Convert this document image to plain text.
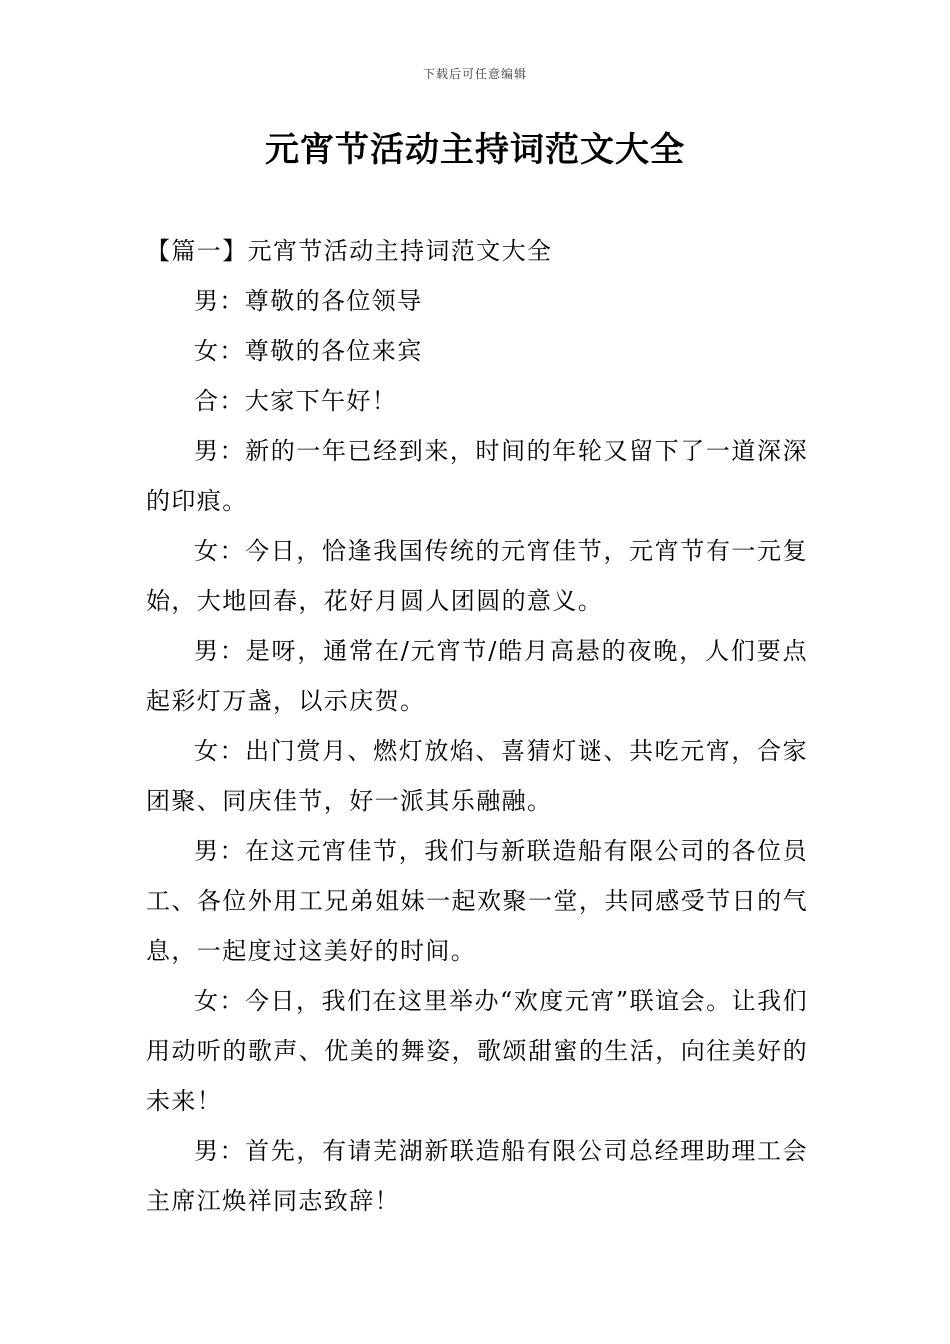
下载后可任意编辑
元宵节活动主持词范文大全

【篇一】元宵节活动主持词范文大全

男：尊敬的各位领导

女：尊敬的各位来宾

合：大家下午好！

男：新的一年已经到来，时间的年轮又留下了一道深深的印痕。

女：今日，恰逢我国传统的元宵佳节，元宵节有一元复始，大地回春，花好月圆人团圆的意义。

男：是呀，通常在/元宵节/皓月高悬的夜晚，人们要点起彩灯万盏，以示庆贺。

女：出门赏月、燃灯放焰、喜猜灯谜、共吃元宵，合家团聚、同庆佳节，好一派其乐融融。

男：在这元宵佳节，我们与新联造船有限公司的各位员工、各位外用工兄弟姐妹一起欢聚一堂，共同感受节日的气息，一起度过这美好的时间。

女：今日，我们在这里举办“欢度元宵”联谊会。让我们用动听的歌声、优美的舞姿，歌颂甜蜜的生活，向往美好的未来！

男：首先，有请芜湖新联造船有限公司总经理助理工会主席江焕祥同志致辞！
